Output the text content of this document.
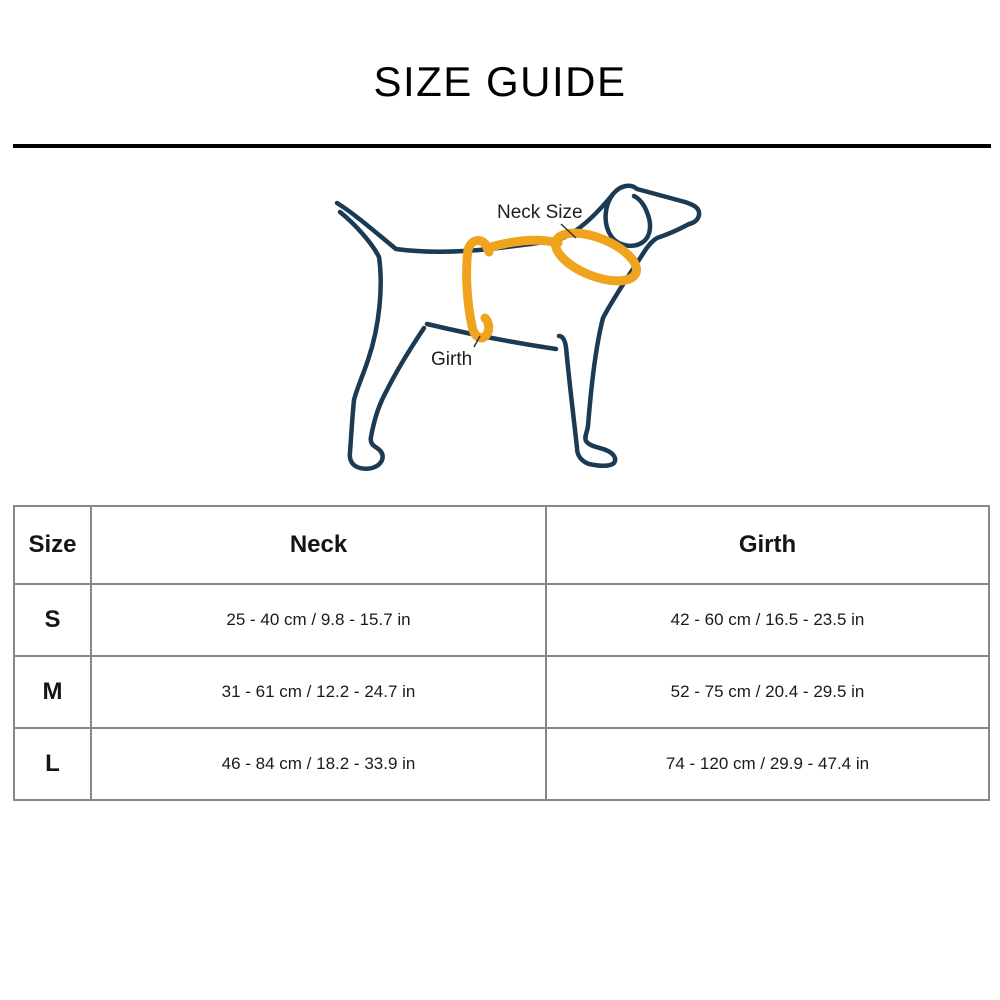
SIZE GUIDE
Neck Size
Girth
Size	Neck	Girth
S	25 - 40 cm / 9.8 - 15.7 in	42 - 60 cm / 16.5 - 23.5 in
M	31 - 61 cm / 12.2 - 24.7 in	52 - 75 cm / 20.4 - 29.5 in
L	46 - 84 cm / 18.2 - 33.9 in	74 - 120 cm / 29.9 - 47.4 in
